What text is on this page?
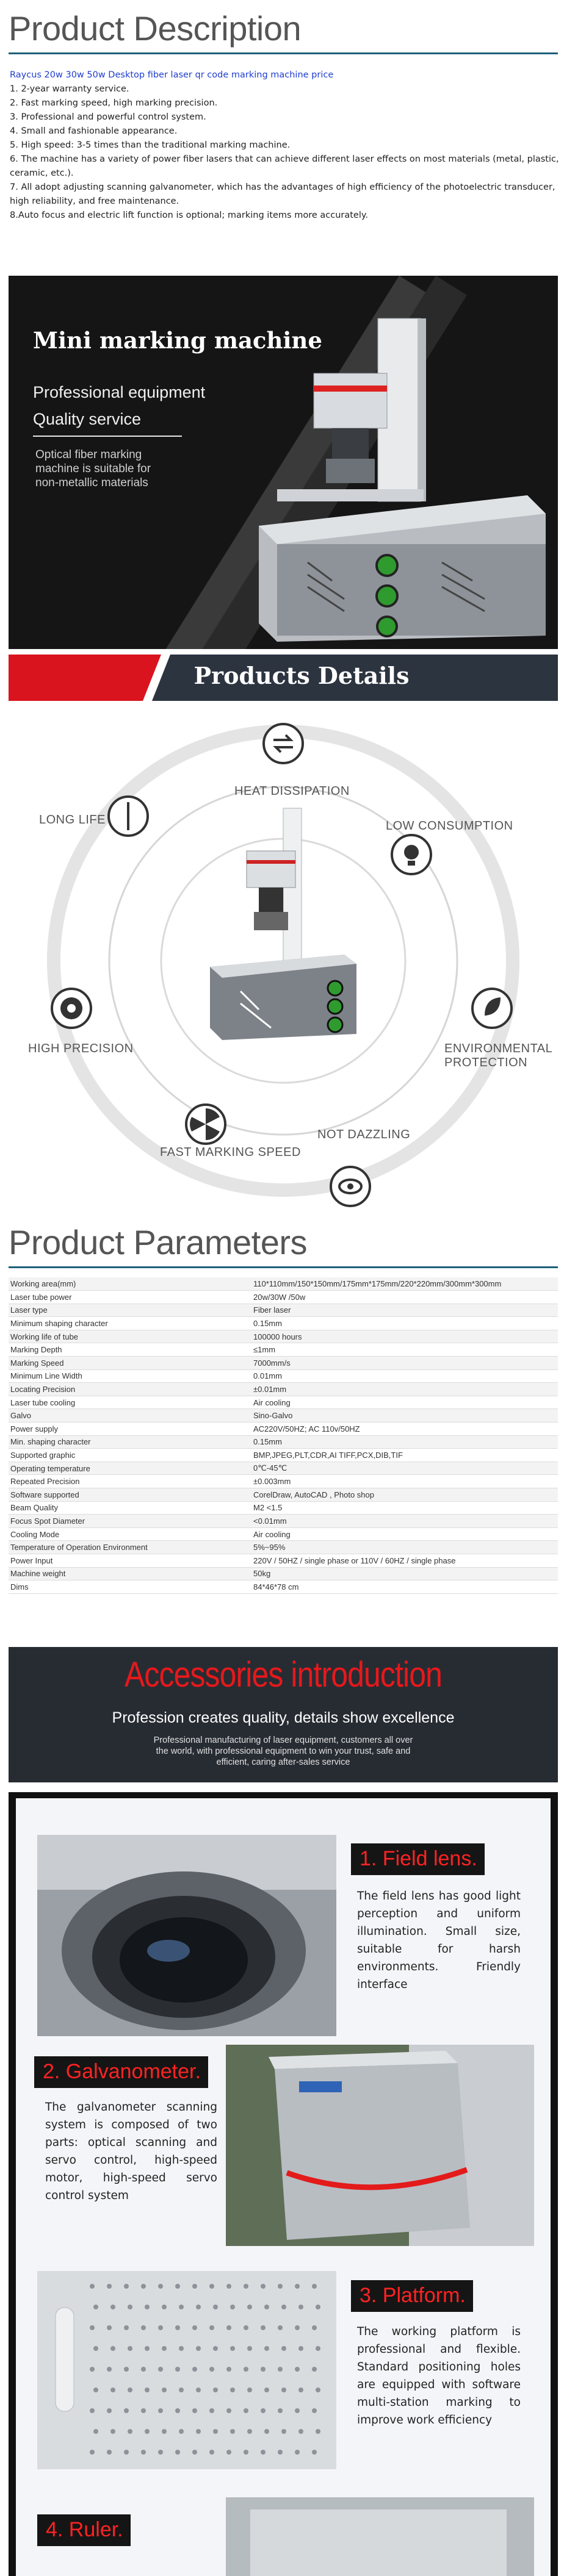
Product Description
Raycus 20w 30w 50w Desktop fiber laser qr code marking machine price
1. 2-year warranty service.
2. Fast marking speed, high marking precision.
3. Professional and powerful control system.
4. Small and fashionable appearance.
5. High speed: 3-5 times than the traditional marking machine.
6. The machine has a variety of power fiber lasers that can achieve different laser effects on most materials (metal, plastic, ceramic, etc.).
7. All adopt adjusting scanning galvanometer, which has the advantages of high efficiency of the photoelectric transducer, high reliability, and free maintenance.
8.Auto focus and electric lift function is optional; marking items more accurately.
Mini marking machine
Professional equipment
Quality service
Optical fiber marking machine is suitable for non-metallic materials
Products Details
HEAT DISSIPATION
LONG LIFE	LOW CONSUMPTION
HIGH PRECISION	ENVIRONMENTAL
PROTECTION
NOT DAZZLING
FAST MARKING SPEED
Product Parameters
Working area(mm)	110*110mm/150*150mm/175mm*175mm/220*220mm/300mm*300mm
Laser tube power	20w/30W /50w
Laser type	Fiber laser
Minimum shaping character	0.15mm
Working life of tube	100000 hours
Marking Depth	≤1mm
Marking Speed	7000mm/s
Minimum Line Width	0.01mm
Locating Precision	±0.01mm
Laser tube cooling	Air cooling
Galvo	Sino-Galvo
Power supply	AC220V/50HZ; AC 110v/50HZ
Min. shaping character	0.15mm
Supported graphic	BMP,JPEG,PLT,CDR,AI TIFF,PCX,DIB,TIF
Operating temperature	0℃-45℃
Repeated Precision	±0.003mm
Software supported	CorelDraw, AutoCAD , Photo shop
Beam Quality	M2 <1.5
Focus Spot Diameter	<0.01mm
Cooling Mode	Air cooling
Temperature of Operation Environment	5%~95%
Power Input	220V / 50HZ / single phase or 110V / 60HZ / single phase
Machine weight	50kg
Dims	84*46*78 cm
Accessories introduction
Profession creates quality, details show excellence
Professional manufacturing of laser equipment, customers all over the world, with professional equipment to win your trust, safe and efficient, caring after-sales service
1. Field lens.
The field lens has good light perception and uniform illumination. Small size, suitable for harsh environments. Friendly interface
2. Galvanometer.
The galvanometer scanning system is composed of two parts: optical scanning and servo control, high-speed motor, high-speed servo control system
3. Platform.
The working platform is professional and flexible. Standard positioning holes are equipped with software multi-station marking to improve work efficiency
4. Ruler.
